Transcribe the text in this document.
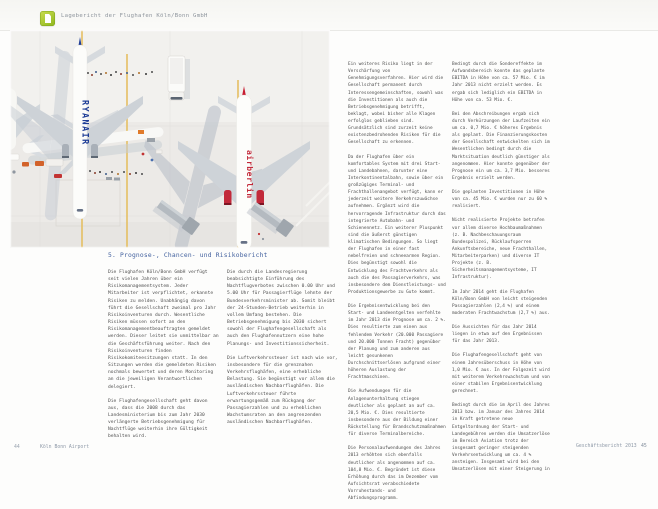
Lagebericht der Flughafen Köln/Bonn GmbH
RYANAIR
airberlin
5. Prognose-, Chancen- und Risikobericht

Die Flughafen Köln/Bonn GmbH verfügt seit vielen Jahren über ein Risikomanagementsystem. Jeder Mitarbeiter ist verpflichtet, erkannte Risiken zu melden. Unabhängig davon führt die Gesellschaft zweimal pro Jahr Risikoinventuren durch. Wesentliche Risiken müssen sofort an den Risikomanagementbeauftragten gemeldet werden. Dieser leitet sie unmittelbar an die Geschäftsführung weiter. Nach den Risikoinventuren finden Risikokomiteesitzungen statt. In den Sitzungen werden die gemeldeten Risiken nochmals bewertet und deren Monitoring an die jeweiligen Verantwortlichen delegiert.

Die Flughafengesellschaft geht davon aus, dass die 2008 durch das Landesministerium bis zum Jahr 2030 verlängerte Betriebsgenehmigung für Nachtflüge weiterhin ihre Gültigkeit behalten wird.

Die durch die Landesregierung beabsichtigte Einführung des Nachtflugverbotes zwischen 0.00 Uhr und 5.00 Uhr für Passagierflüge lehnte der Bundesverkehrsminister ab. Somit bleibt der 24-Stunden-Betrieb weiterhin in vollem Umfang bestehen. Die Betriebsgenehmigung bis 2030 sichert sowohl der Flughafengesellschaft als auch den Flughafennutzern eine hohe Planungs- und Investitionssicherheit.

Die Luftverkehrssteuer ist nach wie vor, insbesondere für die grenznahen Verkehrsflughäfen, eine erhebliche Belastung. Sie begünstigt vor allem die ausländischen Nachbarflughäfen. Die Luftverkehrssteuer führte erwartungsgemäß zum Rückgang der Passagierzahlen und zu erheblichen Wachstumsraten an den angrenzenden ausländischen Nachbarflughäfen.

Ein weiteres Risiko liegt in der Verschärfung von Genehmigungsverfahren. Hier wird die Gesellschaft permanent durch Interessengemeinschaften, sowohl was die Investitionen als auch die Betriebsgenehmigung betrifft, beklagt, wobei bisher alle Klagen erfolglos geblieben sind. Grundsätzlich sind zurzeit keine existenzbedrohenden Risiken für die Gesellschaft zu erkennen.

Da der Flughafen über ein komfortables System mit drei Start- und Landebahnen, darunter eine Interkontinentalbahn, sowie über ein großzügiges Terminal- und Frachthallenangebot verfügt, kann er jederzeit weitere Verkehrszuwächse aufnehmen. Ergänzt wird die hervorragende Infrastruktur durch das integrierte Autobahn- und Schienennetz. Ein weiterer Pluspunkt sind die äußerst günstigen klimatischen Bedingungen. So liegt der Flughafen in einer fast nebelfreien und schneearmen Region. Dies begünstigt sowohl die Entwicklung des Frachtverkehrs als auch die des Passagierverkehrs, was insbesondere dem Dienstleistungs- und Produktionsgewerbe zu Gute kommt.

Die Ergebnisentwicklung bei den Start- und Landeentgelten verfehlte im Jahr 2013 die Prognose um ca. 2 %. Dies resultierte zum einen aus fehlendem Verkehr (20.000 Passagiere und 20.000 Tonnen Fracht) gegenüber der Planung und zum anderen aus leicht gesunkenen Durchschnittserlösen aufgrund einer höheren Auslastung der Frachtmaschinen.

Die Aufwendungen für die Anlagenunterhaltung stiegen deutlicher als geplant an auf ca. 20,5 Mio. €. Dies resultierte insbesondere aus der Bildung einer Rückstellung für Brandschutzmaßnahmen für diverse Terminalbereiche.

Die Personalaufwendungen des Jahres 2013 erhöhten sich ebenfalls deutlicher als angenommen auf ca. 104,8 Mio. €. Begründet ist diese Erhöhung durch das im Dezember vom Aufsichtsrat verabschiedete Vorruhestands- und Abfindungsprogramm.

Bedingt durch die Sondereffekte im Aufwandsbereich konnte das geplante EBITDA in Höhe von ca. 57 Mio. € im Jahr 2013 nicht erzielt werden. Es ergab sich lediglich ein EBITDA in Höhe von ca. 53 Mio. €.

Bei den Abschreibungen ergab sich durch Verkürzungen der Laufzeiten ein um ca. 0,7 Mio. € höheres Ergebnis als geplant. Die Finanzierungskosten der Gesellschaft entwickelten sich im Wesentlichen bedingt durch die Marktsituation deutlich günstiger als angenommen. Hier konnte gegenüber der Prognose ein um ca. 3,7 Mio. besseres Ergebnis erzielt werden.

Die geplanten Investitionen in Höhe von ca. 45 Mio. € wurden nur zu 60 % realisiert.

Nicht realisierte Projekte betrafen vor allem diverse Hochbaumaßnahmen (z. B. Nachbeschauungsraum Bundespolizei, Rücklaufsperren Ankunftsbereiche, neue Frachthallen, Mitarbeiterparken) und diverse IT Projekte (z. B. Sicherheitsmanagementsysteme, IT Infrastruktur).

Im Jahr 2014 geht die Flughafen Köln/Bonn GmbH von leicht steigenden Passagierzahlen (2,4 %) und einem moderaten Frachtwachstum (2,7 %) aus.

Die Aussichten für das Jahr 2014 liegen in etwa auf den Ergebnissen für das Jahr 2013.

Die Flughafengesellschaft geht von einem Jahresüberschuss in Höhe von 1,0 Mio. € aus. In der Folgezeit wird mit weiterem Verkehrswachstum und von einer stabilen Ergebnisentwicklung gerechnet.

Bedingt durch die im April des Jahres 2013 bzw. im Januar des Jahres 2014 in Kraft getretene neue Entgeltordnung der Start- und Landegebühren werden die Umsatzerlöse im Bereich Aviation trotz der insgesamt geringer steigenden Verkehrsentwicklung um ca. 4 % ansteigen. Insgesamt wird bei den Umsatzerlösen mit einer Steigerung in

44	Köln Bonn Airport	Geschäftsbericht 2013 45
